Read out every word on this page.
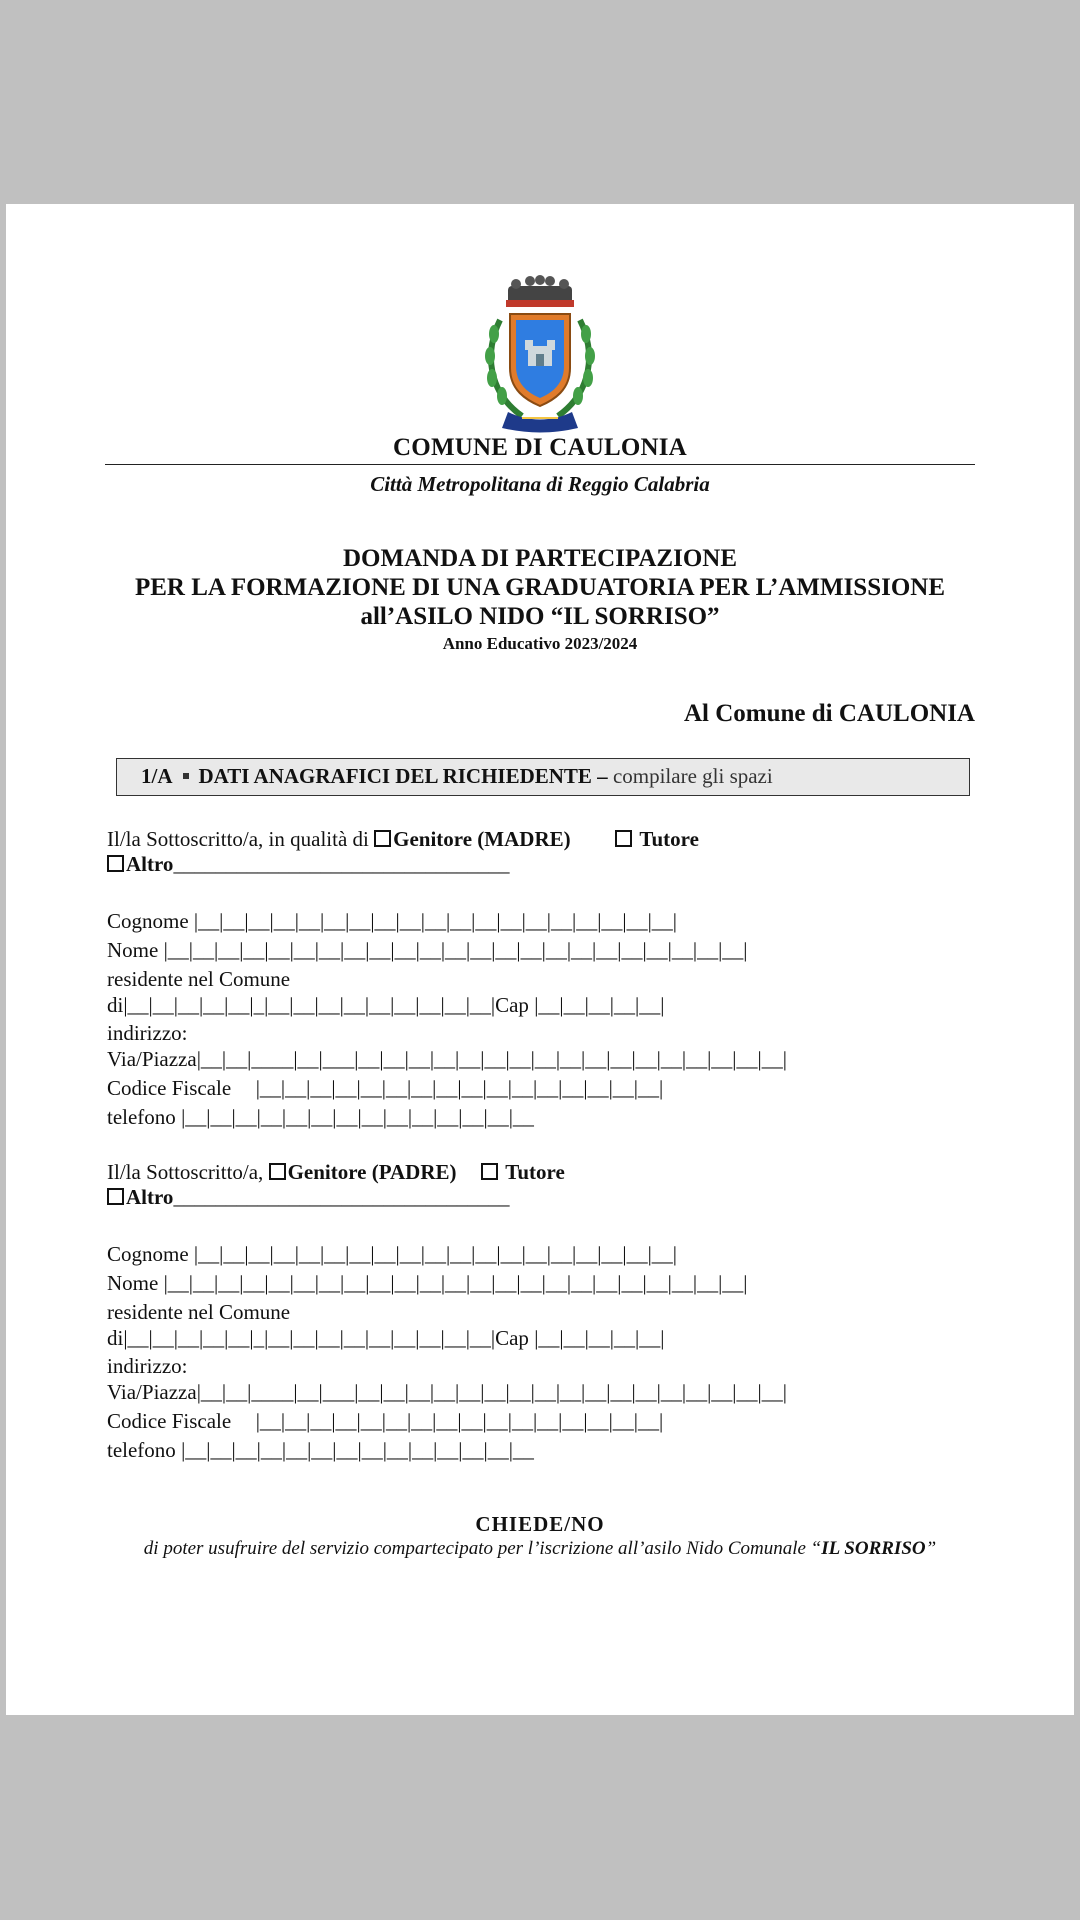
COMUNE DI CAULONIA
Città Metropolitana di Reggio Calabria
DOMANDA DI PARTECIPAZIONE
PER LA FORMAZIONE DI UNA GRADUATORIA PER L’AMMISSIONE
all’ASILO NIDO “IL SORRISO”
Anno Educativo 2023/2024
Al Comune di CAULONIA
1/A DATI ANAGRAFICI DEL RICHIEDENTE – compilare gli spazi
Il/la Sottoscritto/a, in qualità di Genitore (MADRE)	Tutore
Altro________________________________
Cognome |__|__|__|__|__|__|__|__|__|__|__|__|__|__|__|__|__|__|__|
Nome |__|__|__|__|__|__|__|__|__|__|__|__|__|__|__|__|__|__|__|__|__|__|__|
residente nel Comune
di|__|__|__|__|__|_|__|__|__|__|__|__|__|__|__|Cap |__|__|__|__|__|
indirizzo:
Via/Piazza|__|__|____|__|___|__|__|__|__|__|__|__|__|__|__|__|__|__|__|__|__|__|
Codice Fiscale |__|__|__|__|__|__|__|__|__|__|__|__|__|__|__|__|
telefono |__|__|__|__|__|__|__|__|__|__|__|__|__|__
Il/la Sottoscritto/a, Genitore (PADRE) Tutore
Altro________________________________
Cognome |__|__|__|__|__|__|__|__|__|__|__|__|__|__|__|__|__|__|__|
Nome |__|__|__|__|__|__|__|__|__|__|__|__|__|__|__|__|__|__|__|__|__|__|__|
residente nel Comune
di|__|__|__|__|__|_|__|__|__|__|__|__|__|__|__|Cap |__|__|__|__|__|
indirizzo:
Via/Piazza|__|__|____|__|___|__|__|__|__|__|__|__|__|__|__|__|__|__|__|__|__|__|
Codice Fiscale |__|__|__|__|__|__|__|__|__|__|__|__|__|__|__|__|
telefono |__|__|__|__|__|__|__|__|__|__|__|__|__|__
CHIEDE/NO
di poter usufruire del servizio compartecipato per l’iscrizione all’asilo Nido Comunale “IL SORRISO”
